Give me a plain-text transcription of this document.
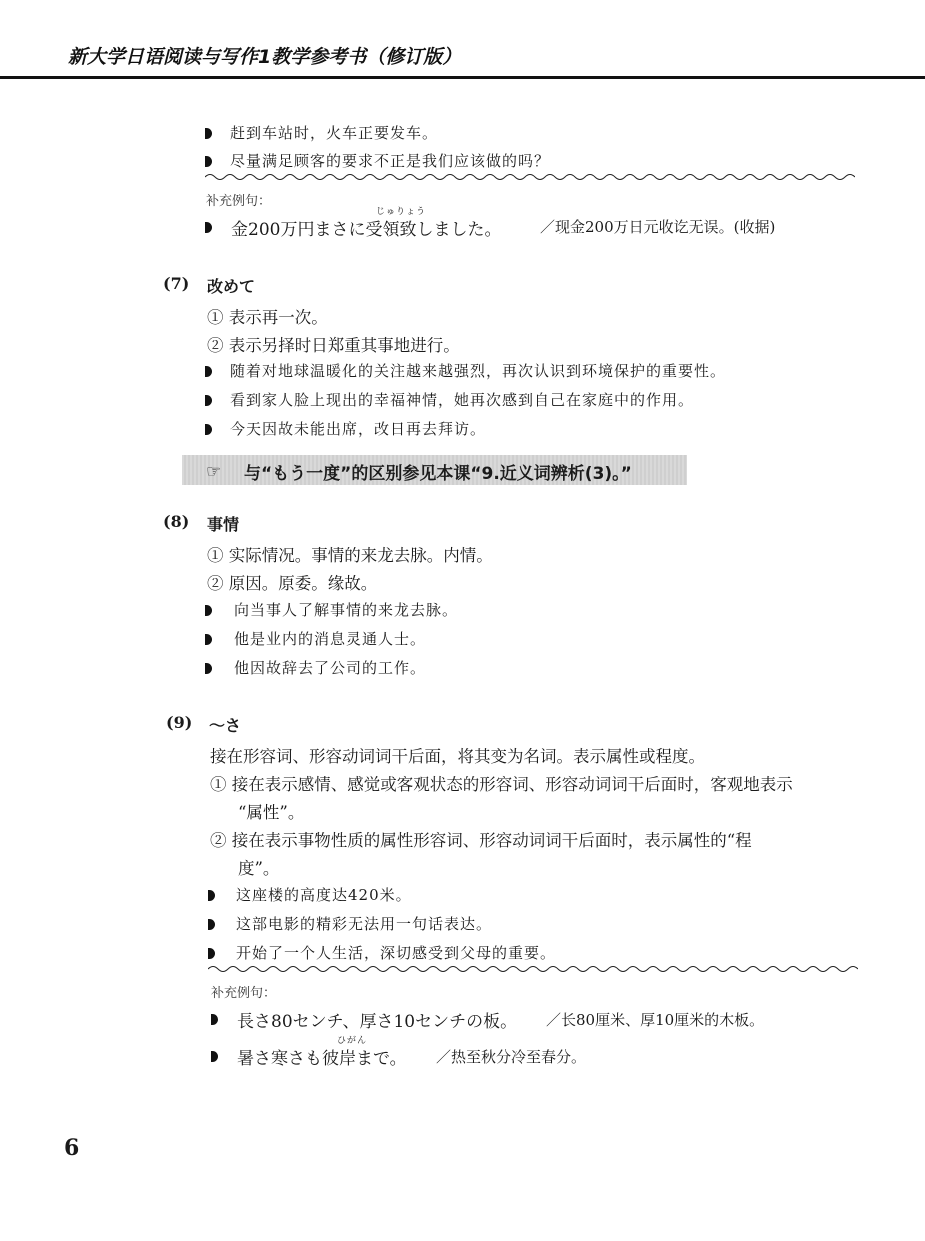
新大学日语阅读与写作1教学参考书（修订版）
赶到车站时，火车正要发车。
尽量满足顾客的要求不正是我们应该做的吗？
补充例句：
じゅりょう
金200万円まさに受領致しました。	／现金200万日元收讫无误。(收据)
(7) 改めて
① 表示再一次。
② 表示另择时日郑重其事地进行。
随着对地球温暖化的关注越来越强烈，再次认识到环境保护的重要性。
看到家人脸上现出的幸福神情，她再次感到自己在家庭中的作用。
今天因故未能出席，改日再去拜访。
☞ 与“もう一度”的区别参见本课“9.近义词辨析(3)。”
(8) 事情
① 实际情况。事情的来龙去脉。内情。
② 原因。原委。缘故。
向当事人了解事情的来龙去脉。
他是业内的消息灵通人士。
他因故辞去了公司的工作。
(9) ～さ
接在形容词、形容动词词干后面，将其变为名词。表示属性或程度。
① 接在表示感情、感觉或客观状态的形容词、形容动词词干后面时，客观地表示
“属性”。
② 接在表示事物性质的属性形容词、形容动词词干后面时，表示属性的“程
度”。
这座楼的高度达420米。
这部电影的精彩无法用一句话表达。
开始了一个人生活，深切感受到父母的重要。
补充例句：
長さ80センチ、厚さ10センチの板。 ／长80厘米、厚10厘米的木板。
ひがん
暑さ寒さも彼岸まで。 ／热至秋分冷至春分。
6
